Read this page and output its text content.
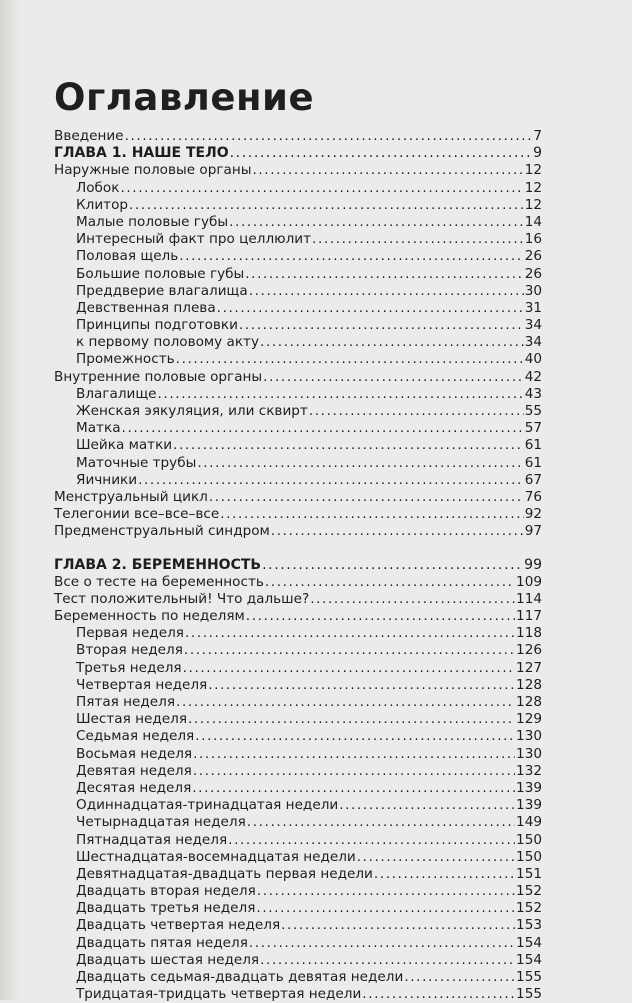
Оглавление
Введение .....	7
ГЛАВА 1. НАШЕ ТЕЛО .....	9
Наружные половые органы .....	12
Лобок .....	12
Клитор .....	12
Малые половые губы .....	14
Интересный факт про целлюлит .....	16
Половая щель .....	26
Большие половые губы .....	26
Преддверие влагалища .....	30
Девственная плева .....	31
Принципы подготовки .....	34
к первому половому акту .....	34
Промежность .....	40
Внутренние половые органы .....	42
Влагалище .....	43
Женская эякуляция, или сквирт .....	55
Матка .....	57
Шейка матки .....	61
Маточные трубы .....	61
Яичники .....	67
Менструальный цикл .....	76
Телегонии все–все–все .....	92
Предменструальный синдром .....	97
ГЛАВА 2. БЕРЕМЕННОСТЬ .....	99
Все о тесте на беременность .....	109
Тест положительный! Что дальше? .....	114
Беременность по неделям .....	117
Первая неделя .....	118
Вторая неделя .....	126
Третья неделя .....	127
Четвертая неделя .....	128
Пятая неделя .....	128
Шестая неделя .....	129
Седьмая неделя .....	130
Восьмая неделя .....	130
Девятая неделя .....	132
Десятая неделя .....	139
Одиннадцатая-тринадцатая недели .....	139
Четырнадцатая неделя .....	149
Пятнадцатая неделя .....	150
Шестнадцатая-восемнадцатая недели .....	150
Девятнадцатая-двадцать первая недели .....	151
Двадцать вторая неделя .....	152
Двадцать третья неделя .....	152
Двадцать четвертая неделя .....	153
Двадцать пятая неделя .....	154
Двадцать шестая неделя .....	154
Двадцать седьмая-двадцать девятая недели .....	155
Тридцатая-тридцать четвертая недели .....	155
